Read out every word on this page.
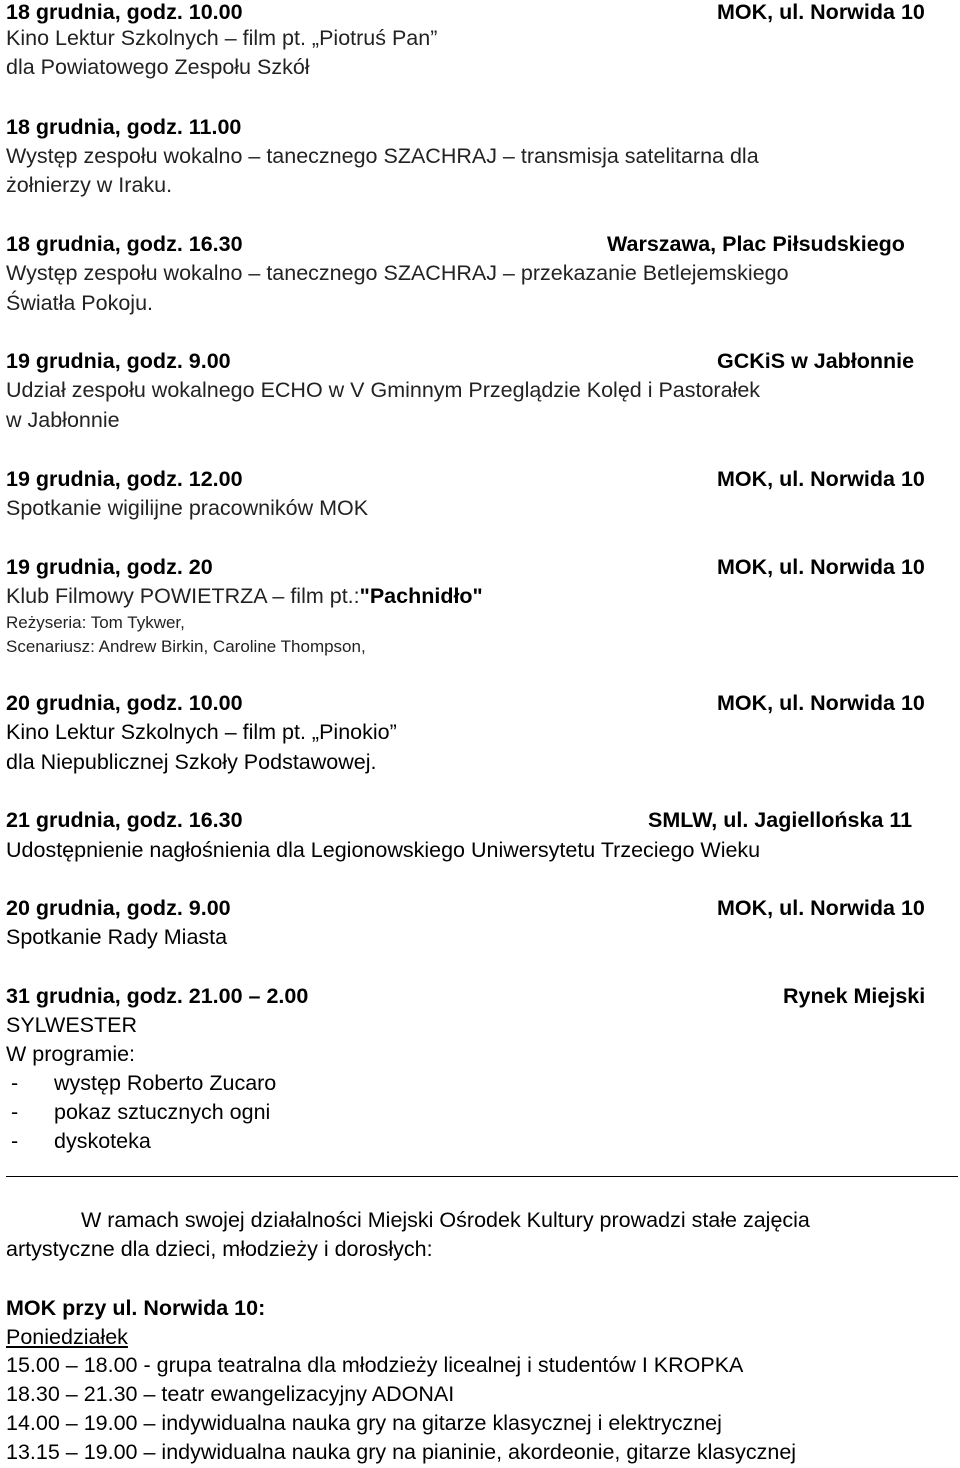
18 grudnia, godz. 10.00	MOK, ul. Norwida 10
Kino Lektur Szkolnych – film pt. „Piotruś Pan”
dla Powiatowego Zespołu Szkół
18 grudnia, godz. 11.00
Występ zespołu wokalno – tanecznego SZACHRAJ – transmisja satelitarna dla
żołnierzy w Iraku.
18 grudnia, godz. 16.30	Warszawa, Plac Piłsudskiego
Występ zespołu wokalno – tanecznego SZACHRAJ – przekazanie Betlejemskiego
Światła Pokoju.
19 grudnia, godz. 9.00	GCKiS w Jabłonnie
Udział zespołu wokalnego ECHO w V Gminnym Przeglądzie Kolęd i Pastorałek
w Jabłonnie
19 grudnia, godz. 12.00	MOK, ul. Norwida 10
Spotkanie wigilijne pracowników MOK
19 grudnia, godz. 20	MOK, ul. Norwida 10
Klub Filmowy POWIETRZA – film pt.:"Pachnidło"
Reżyseria: Tom Tykwer,
Scenariusz: Andrew Birkin, Caroline Thompson,
20 grudnia, godz. 10.00	MOK, ul. Norwida 10
Kino Lektur Szkolnych – film pt. „Pinokio”
dla Niepublicznej Szkoły Podstawowej.
21 grudnia, godz. 16.30	SMLW, ul. Jagiellońska 11
Udostępnienie nagłośnienia dla Legionowskiego Uniwersytetu Trzeciego Wieku
20 grudnia, godz. 9.00	MOK, ul. Norwida 10
Spotkanie Rady Miasta
31 grudnia, godz. 21.00 – 2.00	Rynek Miejski
SYLWESTER
W programie:
- występ Roberto Zucaro
- pokaz sztucznych ogni
- dyskoteka
W ramach swojej działalności Miejski Ośrodek Kultury prowadzi stałe zajęcia
artystyczne dla dzieci, młodzieży i dorosłych:
MOK przy ul. Norwida 10:
Poniedziałek
15.00 – 18.00 - grupa teatralna dla młodzieży licealnej i studentów I KROPKA
18.30 – 21.30 – teatr ewangelizacyjny ADONAI
14.00 – 19.00 – indywidualna nauka gry na gitarze klasycznej i elektrycznej
13.15 – 19.00 – indywidualna nauka gry na pianinie, akordeonie, gitarze klasycznej
